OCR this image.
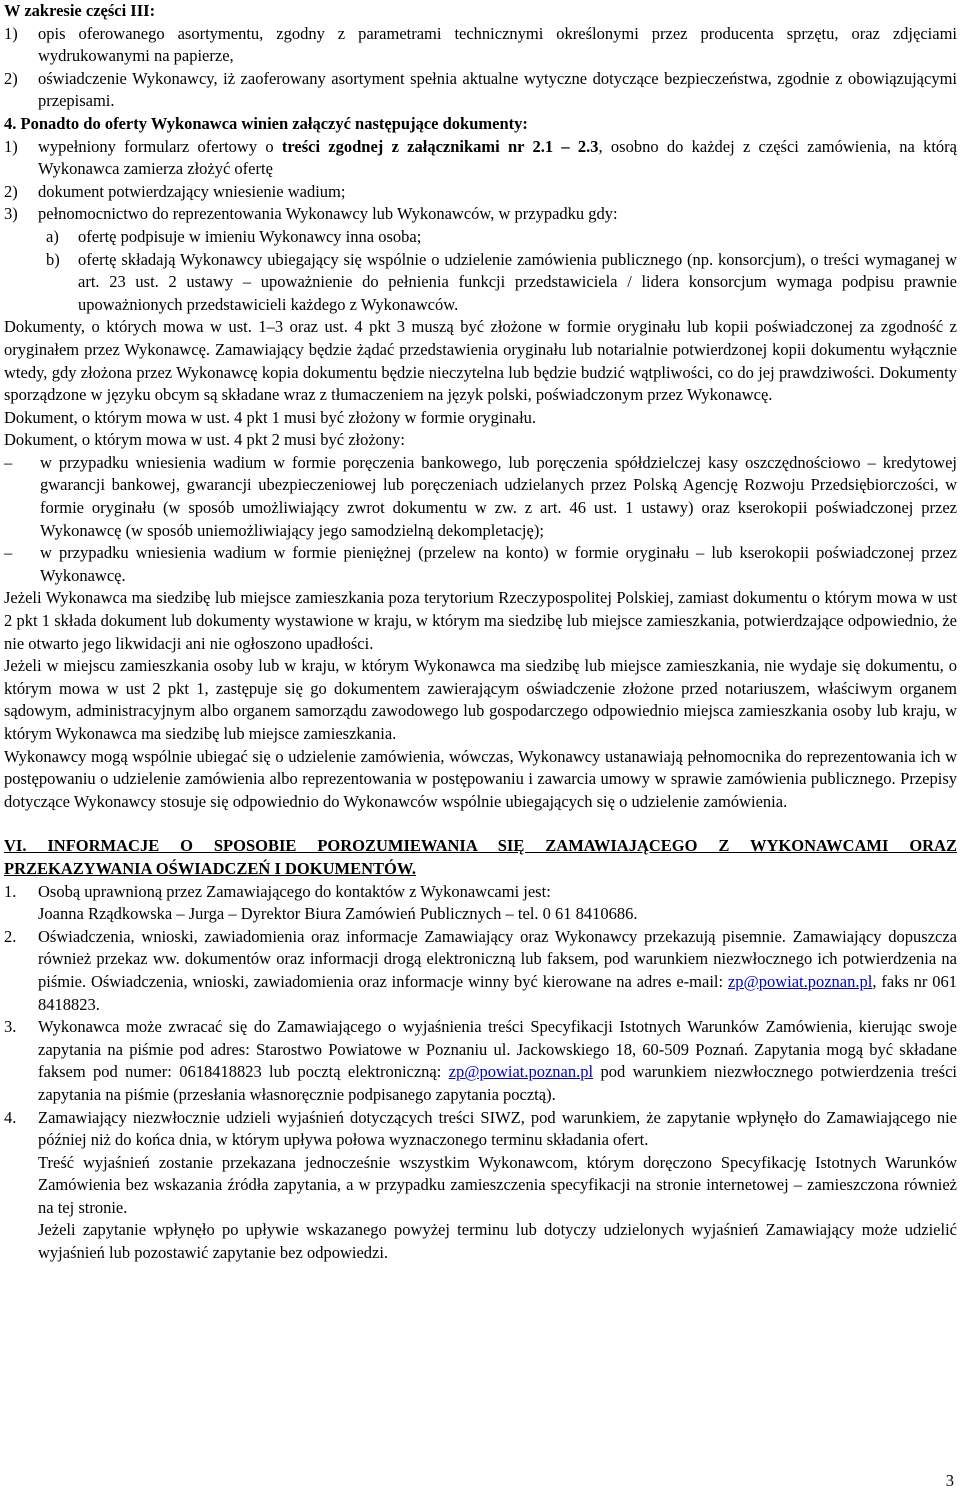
W zakresie części III:

1)	opis oferowanego asortymentu, zgodny z parametrami technicznymi określonymi przez producenta sprzętu, oraz zdjęciami wydrukowanymi na papierze,
2)	oświadczenie Wykonawcy, iż zaoferowany asortyment spełnia aktualne wytyczne dotyczące bezpieczeństwa, zgodnie z obowiązującymi przepisami.

4. Ponadto do oferty Wykonawca winien załączyć następujące dokumenty:

1)	wypełniony formularz ofertowy o treści zgodnej z załącznikami nr 2.1 – 2.3, osobno do każdej z części zamówienia, na którą Wykonawca zamierza złożyć ofertę
2)	dokument potwierdzający wniesienie wadium;
3)	pełnomocnictwo do reprezentowania Wykonawcy lub Wykonawców, w przypadku gdy:
a)	ofertę podpisuje w imieniu Wykonawcy inna osoba;
b)	ofertę składają Wykonawcy ubiegający się wspólnie o udzielenie zamówienia publicznego (np. konsorcjum), o treści wymaganej w art. 23 ust. 2 ustawy – upoważnienie do pełnienia funkcji przedstawiciela / lidera konsorcjum wymaga podpisu prawnie upoważnionych przedstawicieli każdego z Wykonawców.

Dokumenty, o których mowa w ust. 1–3 oraz ust. 4 pkt 3 muszą być złożone w formie oryginału lub kopii poświadczonej za zgodność z oryginałem przez Wykonawcę. Zamawiający będzie żądać przedstawienia oryginału lub notarialnie potwierdzonej kopii dokumentu wyłącznie wtedy, gdy złożona przez Wykonawcę kopia dokumentu będzie nieczytelna lub będzie budzić wątpliwości, co do jej prawdziwości. Dokumenty sporządzone w języku obcym są składane wraz z tłumaczeniem na język polski, poświadczonym przez Wykonawcę.

Dokument, o którym mowa w ust. 4 pkt 1 musi być złożony w formie oryginału.

Dokument, o którym mowa w ust. 4 pkt 2 musi być złożony:

–	w przypadku wniesienia wadium w formie poręczenia bankowego, lub poręczenia spółdzielczej kasy oszczędnościowo – kredytowej gwarancji bankowej, gwarancji ubezpieczeniowej lub poręczeniach udzielanych przez Polską Agencję Rozwoju Przedsiębiorczości, w formie oryginału (w sposób umożliwiający zwrot dokumentu w zw. z art. 46 ust. 1 ustawy) oraz kserokopii poświadczonej przez Wykonawcę (w sposób uniemożliwiający jego samodzielną dekompletację);
–	w przypadku wniesienia wadium w formie pieniężnej (przelew na konto) w formie oryginału – lub kserokopii poświadczonej przez Wykonawcę.

Jeżeli Wykonawca ma siedzibę lub miejsce zamieszkania poza terytorium Rzeczypospolitej Polskiej, zamiast dokumentu o którym mowa w ust 2 pkt 1 składa dokument lub dokumenty wystawione w kraju, w którym ma siedzibę lub miejsce zamieszkania, potwierdzające odpowiednio, że nie otwarto jego likwidacji ani nie ogłoszono upadłości.

Jeżeli w miejscu zamieszkania osoby lub w kraju, w którym Wykonawca ma siedzibę lub miejsce zamieszkania, nie wydaje się dokumentu, o którym mowa w ust 2 pkt 1, zastępuje się go dokumentem zawierającym oświadczenie złożone przed notariuszem, właściwym organem sądowym, administracyjnym albo organem samorządu zawodowego lub gospodarczego odpowiednio miejsca zamieszkania osoby lub kraju, w którym Wykonawca ma siedzibę lub miejsce zamieszkania.

Wykonawcy mogą wspólnie ubiegać się o udzielenie zamówienia, wówczas, Wykonawcy ustanawiają pełnomocnika do reprezentowania ich w postępowaniu o udzielenie zamówienia albo reprezentowania w postępowaniu i zawarcia umowy w sprawie zamówienia publicznego. Przepisy dotyczące Wykonawcy stosuje się odpowiednio do Wykonawców wspólnie ubiegających się o udzielenie zamówienia.

VI. INFORMACJE O SPOSOBIE POROZUMIEWANIA SIĘ ZAMAWIAJĄCEGO Z WYKONAWCAMI ORAZ PRZEKAZYWANIA OŚWIADCZEŃ I DOKUMENTÓW.

1.	Osobą uprawnioną przez Zamawiającego do kontaktów z Wykonawcami jest:
Joanna Rządkowska – Jurga – Dyrektor Biura Zamówień Publicznych – tel. 0 61 8410686.
2.	Oświadczenia, wnioski, zawiadomienia oraz informacje Zamawiający oraz Wykonawcy przekazują pisemnie. Zamawiający dopuszcza również przekaz ww. dokumentów oraz informacji drogą elektroniczną lub faksem, pod warunkiem niezwłocznego ich potwierdzenia na piśmie. Oświadczenia, wnioski, zawiadomienia oraz informacje winny być kierowane na adres e-mail: zp@powiat.poznan.pl, faks nr 061 8418823.
3.	Wykonawca może zwracać się do Zamawiającego o wyjaśnienia treści Specyfikacji Istotnych Warunków Zamówienia, kierując swoje zapytania na piśmie pod adres: Starostwo Powiatowe w Poznaniu ul. Jackowskiego 18, 60-509 Poznań. Zapytania mogą być składane faksem pod numer: 0618418823 lub pocztą elektroniczną: zp@powiat.poznan.pl pod warunkiem niezwłocznego potwierdzenia treści zapytania na piśmie (przesłania własnoręcznie podpisanego zapytania pocztą).
4.	Zamawiający niezwłocznie udzieli wyjaśnień dotyczących treści SIWZ, pod warunkiem, że zapytanie wpłynęło do Zamawiającego nie później niż do końca dnia, w którym upływa połowa wyznaczonego terminu składania ofert.
Treść wyjaśnień zostanie przekazana jednocześnie wszystkim Wykonawcom, którym doręczono Specyfikację Istotnych Warunków Zamówienia bez wskazania źródła zapytania, a w przypadku zamieszczenia specyfikacji na stronie internetowej – zamieszczona również na tej stronie.
Jeżeli zapytanie wpłynęło po upływie wskazanego powyżej terminu lub dotyczy udzielonych wyjaśnień Zamawiający może udzielić wyjaśnień lub pozostawić zapytanie bez odpowiedzi.
3
